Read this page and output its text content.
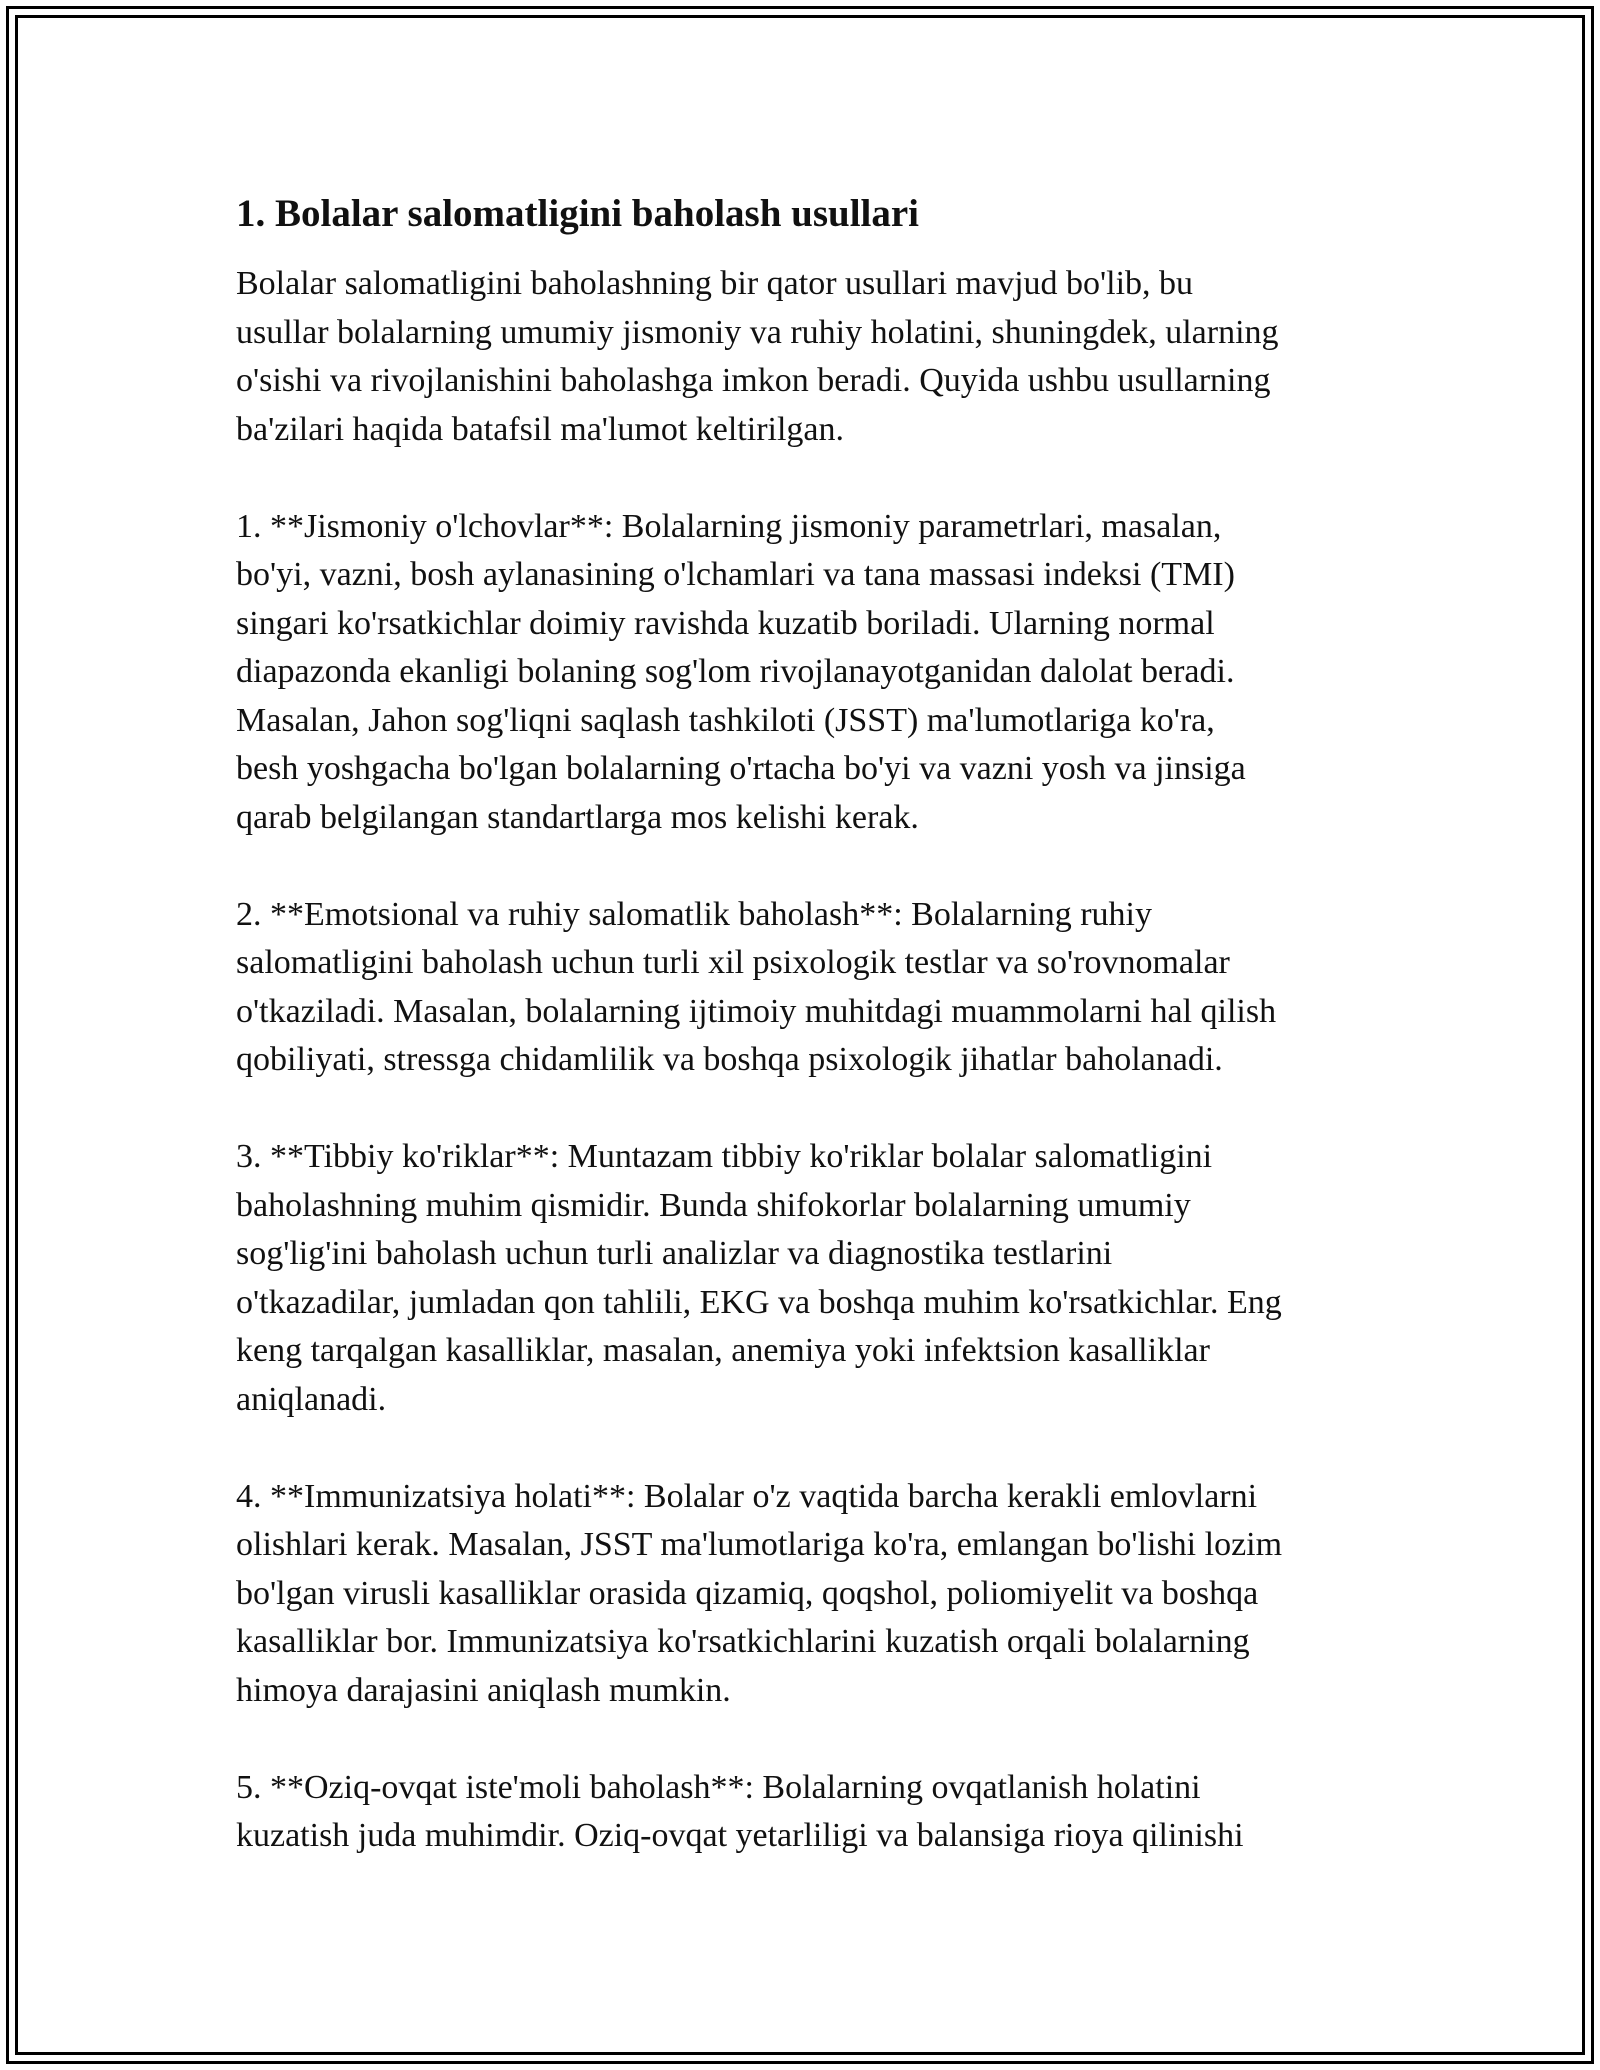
1. Bolalar salomatligini baholash usullari
Bolalar salomatligini baholashning bir qator usullari mavjud bo'lib, bu
usullar bolalarning umumiy jismoniy va ruhiy holatini, shuningdek, ularning
o'sishi va rivojlanishini baholashga imkon beradi. Quyida ushbu usullarning
ba'zilari haqida batafsil ma'lumot keltirilgan.
1. **Jismoniy o'lchovlar**: Bolalarning jismoniy parametrlari, masalan,
bo'yi, vazni, bosh aylanasining o'lchamlari va tana massasi indeksi (TMI)
singari ko'rsatkichlar doimiy ravishda kuzatib boriladi. Ularning normal
diapazonda ekanligi bolaning sog'lom rivojlanayotganidan dalolat beradi.
Masalan, Jahon sog'liqni saqlash tashkiloti (JSST) ma'lumotlariga ko'ra,
besh yoshgacha bo'lgan bolalarning o'rtacha bo'yi va vazni yosh va jinsiga
qarab belgilangan standartlarga mos kelishi kerak.
2. **Emotsional va ruhiy salomatlik baholash**: Bolalarning ruhiy
salomatligini baholash uchun turli xil psixologik testlar va so'rovnomalar
o'tkaziladi. Masalan, bolalarning ijtimoiy muhitdagi muammolarni hal qilish
qobiliyati, stressga chidamlilik va boshqa psixologik jihatlar baholanadi.
3. **Tibbiy ko'riklar**: Muntazam tibbiy ko'riklar bolalar salomatligini
baholashning muhim qismidir. Bunda shifokorlar bolalarning umumiy
sog'lig'ini baholash uchun turli analizlar va diagnostika testlarini
o'tkazadilar, jumladan qon tahlili, EKG va boshqa muhim ko'rsatkichlar. Eng
keng tarqalgan kasalliklar, masalan, anemiya yoki infektsion kasalliklar
aniqlanadi.
4. **Immunizatsiya holati**: Bolalar o'z vaqtida barcha kerakli emlovlarni
olishlari kerak. Masalan, JSST ma'lumotlariga ko'ra, emlangan bo'lishi lozim
bo'lgan virusli kasalliklar orasida qizamiq, qoqshol, poliomiyelit va boshqa
kasalliklar bor. Immunizatsiya ko'rsatkichlarini kuzatish orqali bolalarning
himoya darajasini aniqlash mumkin.
5. **Oziq-ovqat iste'moli baholash**: Bolalarning ovqatlanish holatini
kuzatish juda muhimdir. Oziq-ovqat yetarliligi va balansiga rioya qilinishi
